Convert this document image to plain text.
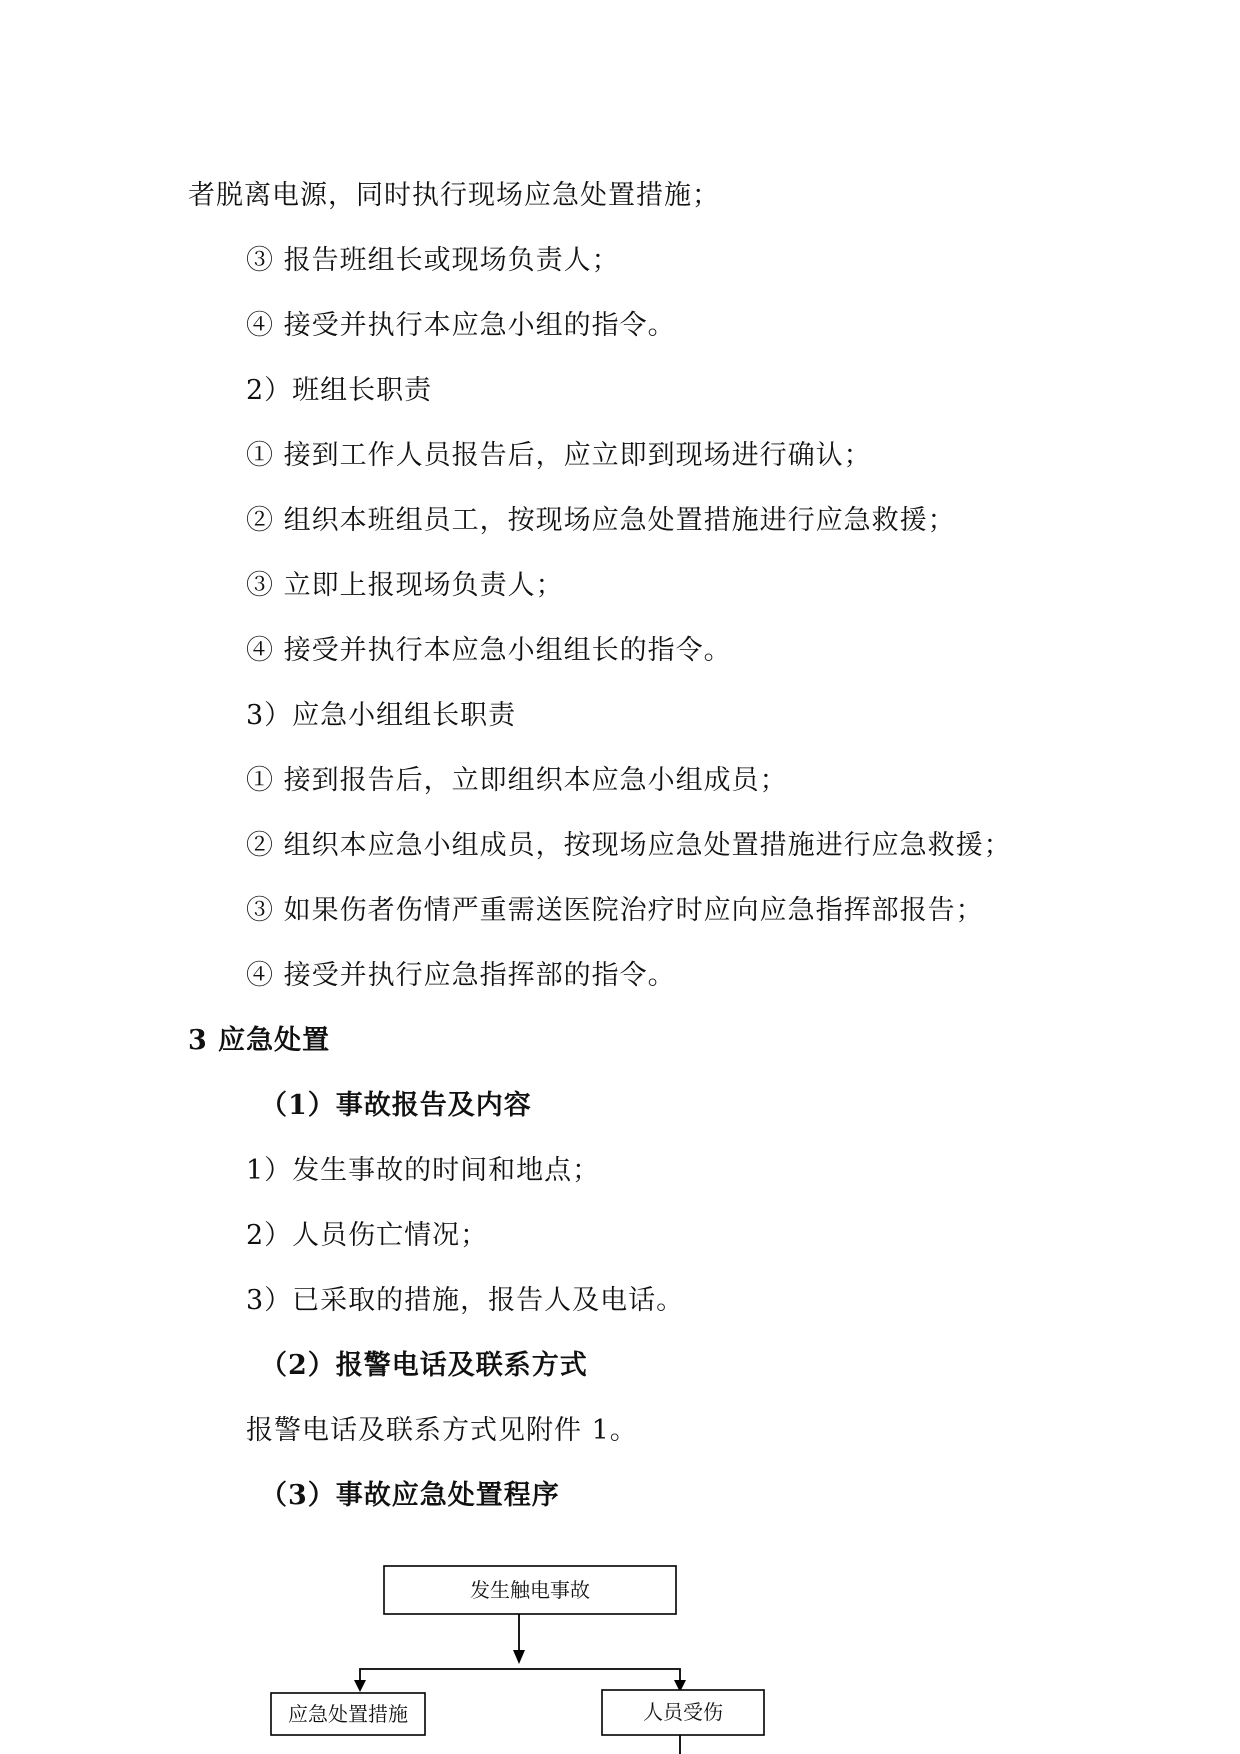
者脱离电源，同时执行现场应急处置措施；
③ 报告班组长或现场负责人；
④ 接受并执行本应急小组的指令。
2）班组长职责
① 接到工作人员报告后，应立即到现场进行确认；
② 组织本班组员工，按现场应急处置措施进行应急救援；
③ 立即上报现场负责人；
④ 接受并执行本应急小组组长的指令。
3）应急小组组长职责
① 接到报告后，立即组织本应急小组成员；
② 组织本应急小组成员，按现场应急处置措施进行应急救援；
③ 如果伤者伤情严重需送医院治疗时应向应急指挥部报告；
④ 接受并执行应急指挥部的指令。
3 应急处置
（1）事故报告及内容
1）发生事故的时间和地点；
2）人员伤亡情况；
3）已采取的措施，报告人及电话。
（2）报警电话及联系方式
报警电话及联系方式见附件 1。
（3）事故应急处置程序
发生触电事故
应急处置措施	人员受伤
